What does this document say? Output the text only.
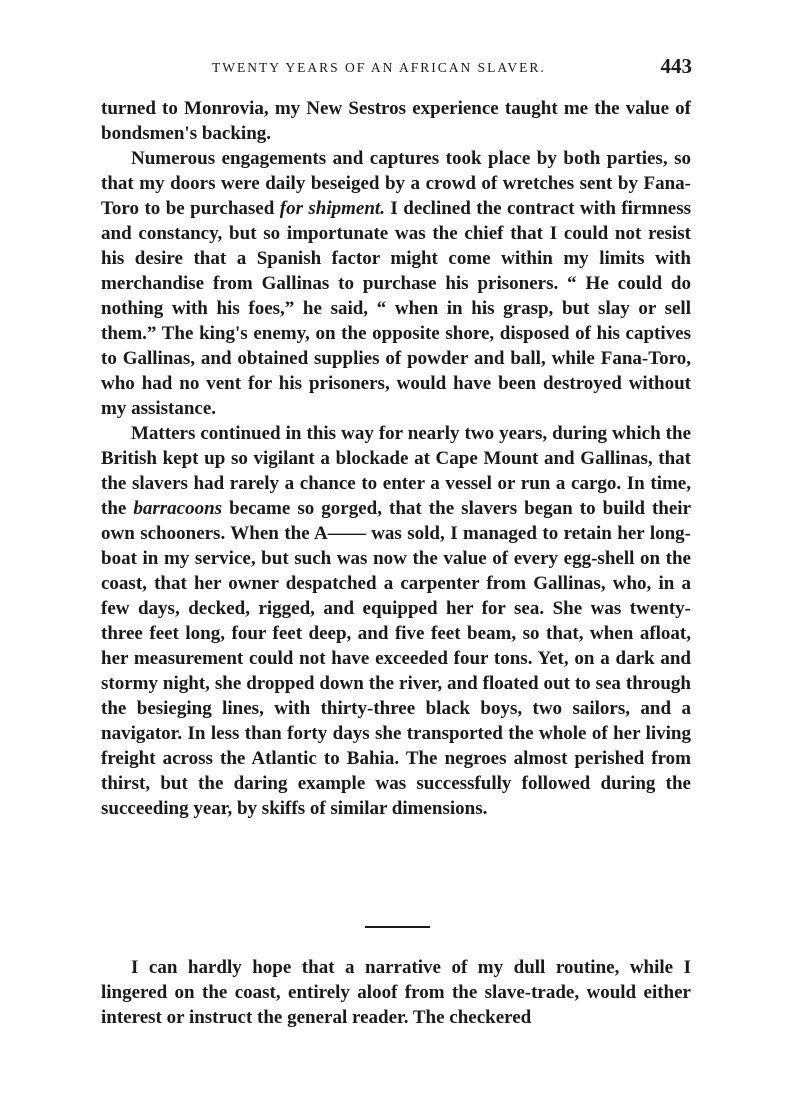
TWENTY YEARS OF AN AFRICAN SLAVER.	443

turned to Monrovia, my New Sestros experience taught me the value of bondsmen's backing.

Numerous engagements and captures took place by both parties, so that my doors were daily beseiged by a crowd of wretches sent by Fana-Toro to be purchased for shipment. I declined the contract with firmness and constancy, but so importunate was the chief that I could not resist his desire that a Spanish factor might come within my limits with merchandise from Gallinas to purchase his prisoners. “ He could do nothing with his foes,” he said, “ when in his grasp, but slay or sell them.” The king's enemy, on the opposite shore, disposed of his captives to Gallinas, and obtained supplies of powder and ball, while Fana-Toro, who had no vent for his prisoners, would have been destroyed without my assistance.

Matters continued in this way for nearly two years, during which the British kept up so vigilant a blockade at Cape Mount and Gallinas, that the slavers had rarely a chance to enter a vessel or run a cargo. In time, the barracoons became so gorged, that the slavers began to build their own schooners. When the A—— was sold, I managed to retain her long-boat in my service, but such was now the value of every egg-shell on the coast, that her owner despatched a carpenter from Gallinas, who, in a few days, decked, rigged, and equipped her for sea. She was twenty-three feet long, four feet deep, and five feet beam, so that, when afloat, her measurement could not have exceeded four tons. Yet, on a dark and stormy night, she dropped down the river, and floated out to sea through the besieging lines, with thirty-three black boys, two sailors, and a navigator. In less than forty days she transported the whole of her living freight across the Atlantic to Bahia. The negroes almost perished from thirst, but the daring example was successfully followed during the succeeding year, by skiffs of similar dimensions.

I can hardly hope that a narrative of my dull routine, while I lingered on the coast, entirely aloof from the slave-trade, would either interest or instruct the general reader. The checkered
